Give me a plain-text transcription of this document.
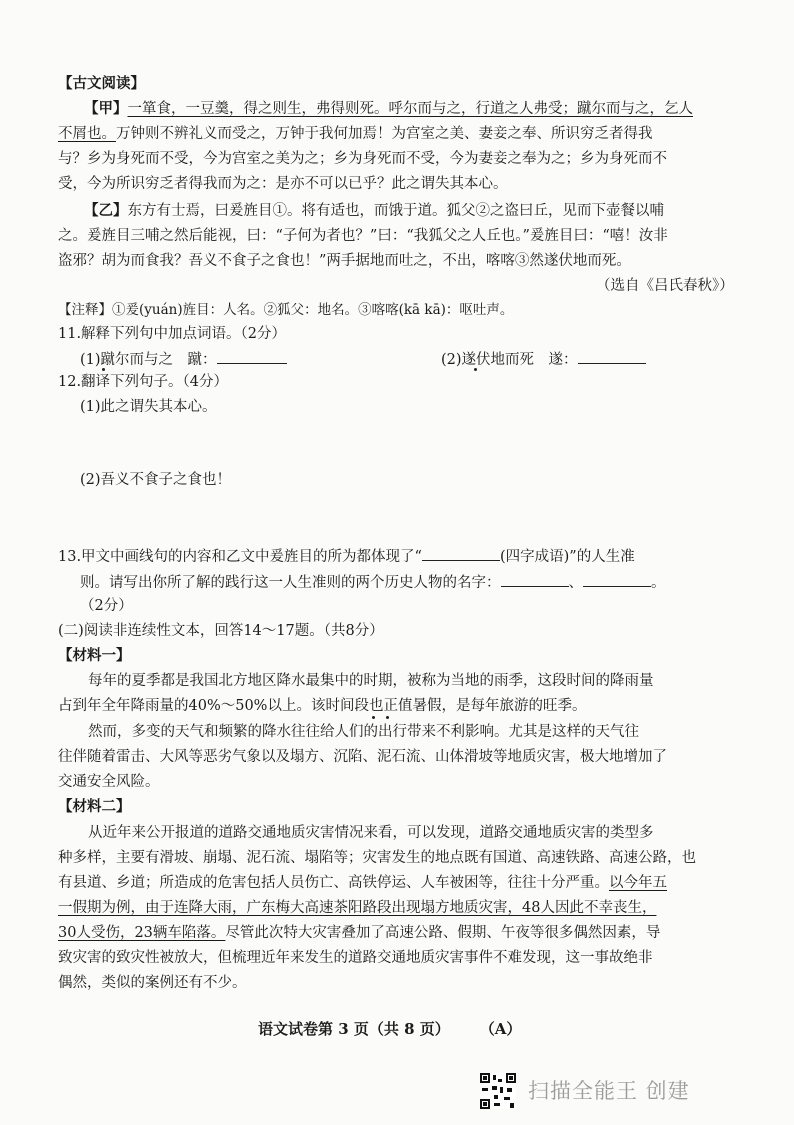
【古文阅读】
【甲】一箪食，一豆羹，得之则生，弗得则死。呼尔而与之，行道之人弗受；蹴尔而与之，乞人
不屑也。万钟则不辨礼义而受之，万钟于我何加焉！为宫室之美、妻妾之奉、所识穷乏者得我
与？乡为身死而不受，今为宫室之美为之；乡为身死而不受，今为妻妾之奉为之；乡为身死而不
受，今为所识穷乏者得我而为之：是亦不可以已乎？此之谓失其本心。
【乙】东方有士焉，曰爰旌目①。将有适也，而饿于道。狐父②之盗曰丘，见而下壶餐以哺
之。爰旌目三哺之然后能视，曰：“子何为者也？”曰：“我狐父之人丘也。”爰旌目曰：“嘻！汝非
盗邪？胡为而食我？吾义不食子之食也！”两手据地而吐之，不出，喀喀③然遂伏地而死。
（选自《吕氏春秋》）
【注释】①爰(yuán)旌目：人名。②狐父：地名。③喀喀(kā kā)：呕吐声。
11.解释下列句中加点词语。（2分）
(1)蹴尔而与之　蹴：	(2)遂伏地而死　遂：
12.翻译下列句子。（4分）
(1)此之谓失其本心。
(2)吾义不食子之食也！
13.甲文中画线句的内容和乙文中爰旌目的所为都体现了“	(四字成语)”的人生准
则。请写出你所了解的践行这一人生准则的两个历史人物的名字：	、	。
（2分）
(二)阅读非连续性文本，回答14～17题。（共8分）
【材料一】
每年的夏季都是我国北方地区降水最集中的时期，被称为当地的雨季，这段时间的降雨量
占到年全年降雨量的40%～50%以上。该时间段也正值暑假，是每年旅游的旺季。
然而，多变的天气和频繁的降水往往给人们的出行带来不利影响。尤其是这样的天气往
往伴随着雷击、大风等恶劣气象以及塌方、沉陷、泥石流、山体滑坡等地质灾害，极大地增加了
交通安全风险。
【材料二】
从近年来公开报道的道路交通地质灾害情况来看，可以发现，道路交通地质灾害的类型多
种多样，主要有滑坡、崩塌、泥石流、塌陷等；灾害发生的地点既有国道、高速铁路、高速公路，也
有县道、乡道；所造成的危害包括人员伤亡、高铁停运、人车被困等，往往十分严重。以今年五
一假期为例，由于连降大雨，广东梅大高速茶阳路段出现塌方地质灾害，48人因此不幸丧生，
30人受伤，23辆车陷落。尽管此次特大灾害叠加了高速公路、假期、午夜等很多偶然因素，导
致灾害的致灾性被放大，但梳理近年来发生的道路交通地质灾害事件不难发现，这一事故绝非
偶然，类似的案例还有不少。
语文试卷第 3 页（共 8 页） （A）
扫描全能王 创建
